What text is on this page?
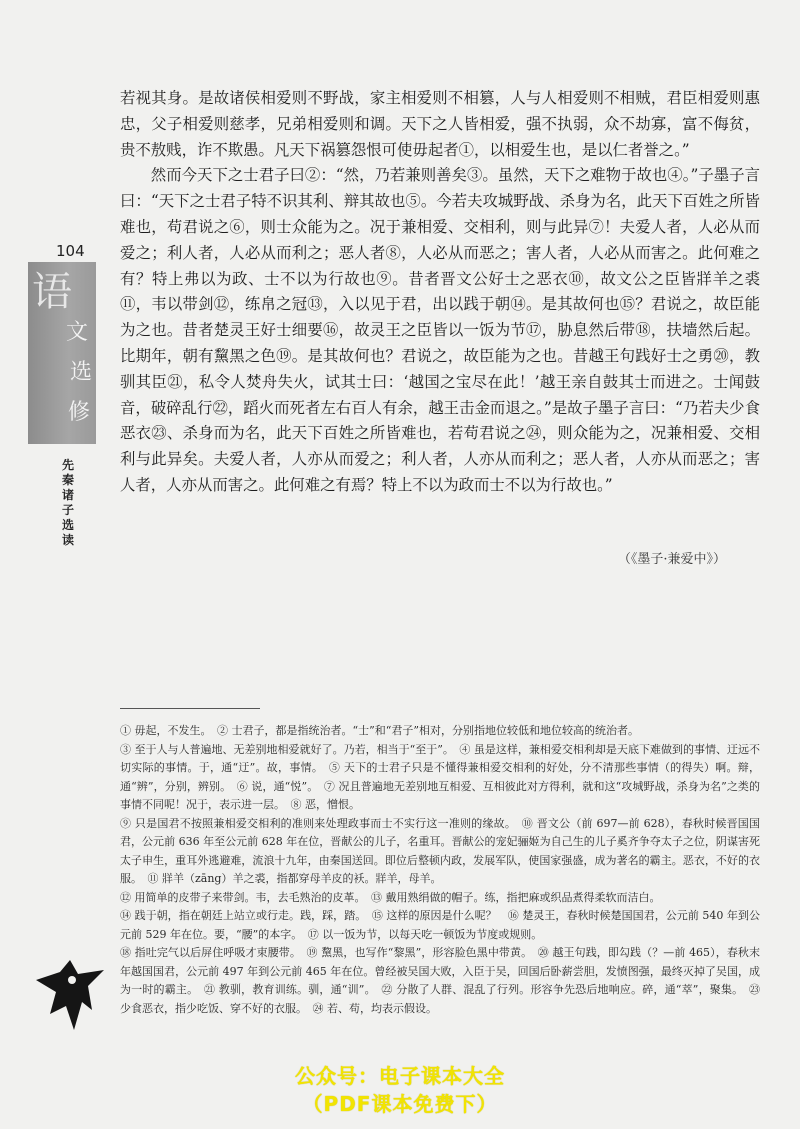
104
语
文
选
修
先秦诸子选读

若视其身。是故诸侯相爱则不野战，家主相爱则不相篡，人与人相爱则不相贼，君臣相爱则惠忠，父子相爱则慈孝，兄弟相爱则和调。天下之人皆相爱，强不执弱，众不劫寡，富不侮贫，贵不敖贱，诈不欺愚。凡天下祸篡怨恨可使毋起者①，以相爱生也，是以仁者誉之。”

然而今天下之士君子曰②：“然，乃若兼则善矣③。虽然，天下之难物于故也④。”子墨子言曰：“天下之士君子特不识其利、辩其故也⑤。今若夫攻城野战、杀身为名，此天下百姓之所皆难也，苟君说之⑥，则士众能为之。况于兼相爱、交相利，则与此异⑦！夫爱人者，人必从而爱之；利人者，人必从而利之；恶人者⑧，人必从而恶之；害人者，人必从而害之。此何难之有？特上弗以为政、士不以为行故也⑨。昔者晋文公好士之恶衣⑩，故文公之臣皆牂羊之裘⑪，韦以带剑⑫，练帛之冠⑬，入以见于君，出以践于朝⑭。是其故何也⑮？君说之，故臣能为之也。昔者楚灵王好士细要⑯，故灵王之臣皆以一饭为节⑰，胁息然后带⑱，扶墙然后起。比期年，朝有黧黑之色⑲。是其故何也？君说之，故臣能为之也。昔越王句践好士之勇⑳，教驯其臣㉑，私令人焚舟失火，试其士曰：‘越国之宝尽在此！’越王亲自鼓其士而进之。士闻鼓音，破碎乱行㉒，蹈火而死者左右百人有余，越王击金而退之。”是故子墨子言曰：“乃若夫少食恶衣㉓、杀身而为名，此天下百姓之所皆难也，若苟君说之㉔，则众能为之，况兼相爱、交相利与此异矣。夫爱人者，人亦从而爱之；利人者，人亦从而利之；恶人者，人亦从而恶之；害人者，人亦从而害之。此何难之有焉？特上不以为政而士不以为行故也。”

（《墨子·兼爱中》）

① 毋起，不发生。　② 士君子，都是指统治者。“士”和“君子”相对，分别指地位较低和地位较高的统治者。

③ 至于人与人普遍地、无差别地相爱就好了。乃若，相当于“至于”。　④ 虽是这样，兼相爱交相利却是天底下难做到的事情、迂远不切实际的事情。于，通“迂”。故，事情。　⑤ 天下的士君子只是不懂得兼相爱交相利的好处，分不清那些事情（的得失）啊。辩，通“辨”，分别，辨别。　⑥ 说，通“悦”。　⑦ 况且普遍地无差别地互相爱、互相彼此对方得利，就和这“攻城野战，杀身为名”之类的事情不同呢！况于，表示进一层。　⑧ 恶，憎恨。

⑨ 只是国君不按照兼相爱交相利的准则来处理政事而士不实行这一准则的缘故。　⑩ 晋文公（前 697—前 628），春秋时候晋国国君，公元前 636 年至公元前 628 年在位，晋献公的儿子，名重耳。晋献公的宠妃骊姬为自己生的儿子奚齐争夺太子之位，阴谋害死太子申生，重耳外逃避难，流浪十九年，由秦国送回。即位后整顿内政，发展军队，使国家强盛，成为著名的霸主。恶衣，不好的衣服。　⑪ 牂羊（zāng）羊之裘，指都穿母羊皮的袄。牂羊，母羊。

⑫ 用简单的皮带子来带剑。韦，去毛熟治的皮革。　⑬ 戴用熟绢做的帽子。练，指把麻或织品煮得柔软而洁白。

⑭ 践于朝，指在朝廷上站立或行走。践，踩，踏。　⑮ 这样的原因是什么呢？　⑯ 楚灵王，春秋时候楚国国君，公元前 540 年到公元前 529 年在位。要，“腰”的本字。　⑰ 以一饭为节，以每天吃一顿饭为节度或规则。

⑱ 指吐完气以后屏住呼吸才束腰带。　⑲ 黧黑，也写作“黎黑”，形容脸色黑中带黄。　⑳ 越王句践，即勾践（？—前 465），春秋末年越国国君，公元前 497 年到公元前 465 年在位。曾经被吴国大败，入臣于吴，回国后卧薪尝胆，发愤图强，最终灭掉了吴国，成为一时的霸主。　㉑ 教驯，教育训练。驯，通“训”。　㉒ 分散了人群、混乱了行列。形容争先恐后地响应。碎，通“萃”，聚集。　㉓ 少食恶衣，指少吃饭、穿不好的衣服。　㉔ 若、苟，均表示假设。

公众号：电子课本大全
（PDF课本免费下）
